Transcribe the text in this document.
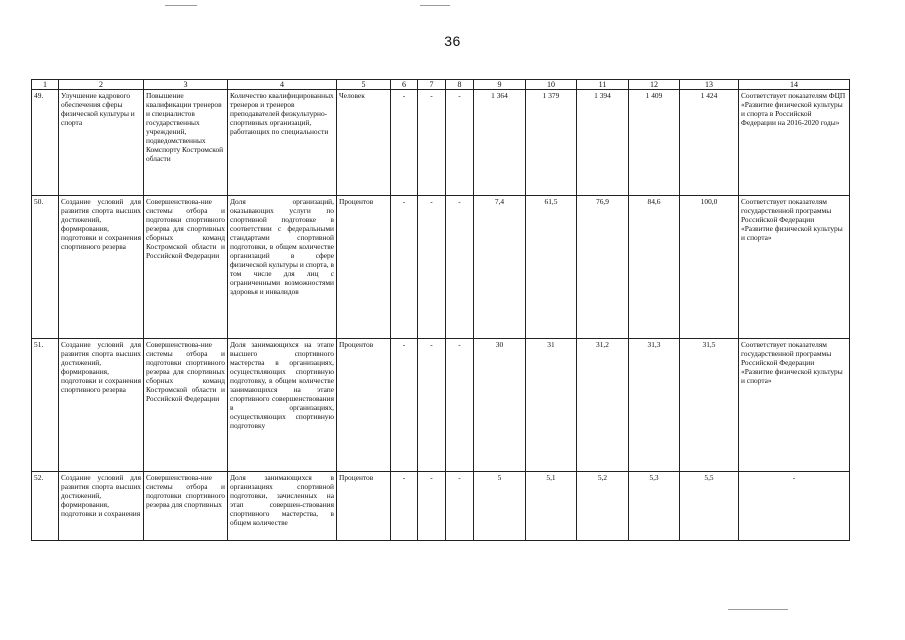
36
1	2	3	4	5	6	7	8	9	10	11	12	13	14
49.	Улучшение кадрового обеспечения сферы физической культуры и спорта	Повышение квалификации тренеров и специалистов государственных учреждений, подведомственных Комспорту Костромской области	Количество квалифицированных тренеров и тренеров преподавателей физкультурно-спортивных организаций, работающих по специальности	Человек	-	-	-	1 364	1 379	1 394	1 409	1 424	Соответствует показателям ФЦП «Развитие физической культуры и спорта в Российской Федерации на 2016-2020 годы»
50.	Создание условий для развития спорта высших достижений, формирования, подготовки и сохранения спортивного резерва	Совершенствова-ние системы отбора и подготовки спортивного резерва для спортивных сборных команд Костромской области и Российской Федерации	Доля организаций, оказывающих услуги по спортивной подготовке в соответствии с федеральными стандартами спортивной подготовки, в общем количестве организаций в сфере физической культуры и спорта, в том числе для лиц с ограниченными возможностями здоровья и инвалидов	Процентов	-	-	-	7,4	61,5	76,9	84,6	100,0	Соответствует показателям государственной программы Российской Федерации «Развитие физической культуры и спорта»
51.	Создание условий для развития спорта высших достижений, формирования, подготовки и сохранения спортивного резерва	Совершенствова-ние системы отбора и подготовки спортивного резерва для спортивных сборных команд Костромской области и Российской Федерации	Доля занимающихся на этапе высшего спортивного мастерства в организациях, осуществляющих спортивную подготовку, в общем количестве занимающихся на этапе спортивного совершенствования в организациях, осуществляющих спортивную подготовку	Процентов	-	-	-	30	31	31,2	31,3	31,5	Соответствует показателям государственной программы Российской Федерации «Развитие физической культуры и спорта»
52.	Создание условий для развития спорта высших достижений, формирования, подготовки и сохранения	Совершенствова-ние системы отбора и подготовки спортивного резерва для спортивных	Доля занимающихся в организациях спортивной подготовки, зачисленных на этап совершен-ствования спортивного мастерства, в общем количестве	Процентов	-	-	-	5	5,1	5,2	5,3	5,5	-
